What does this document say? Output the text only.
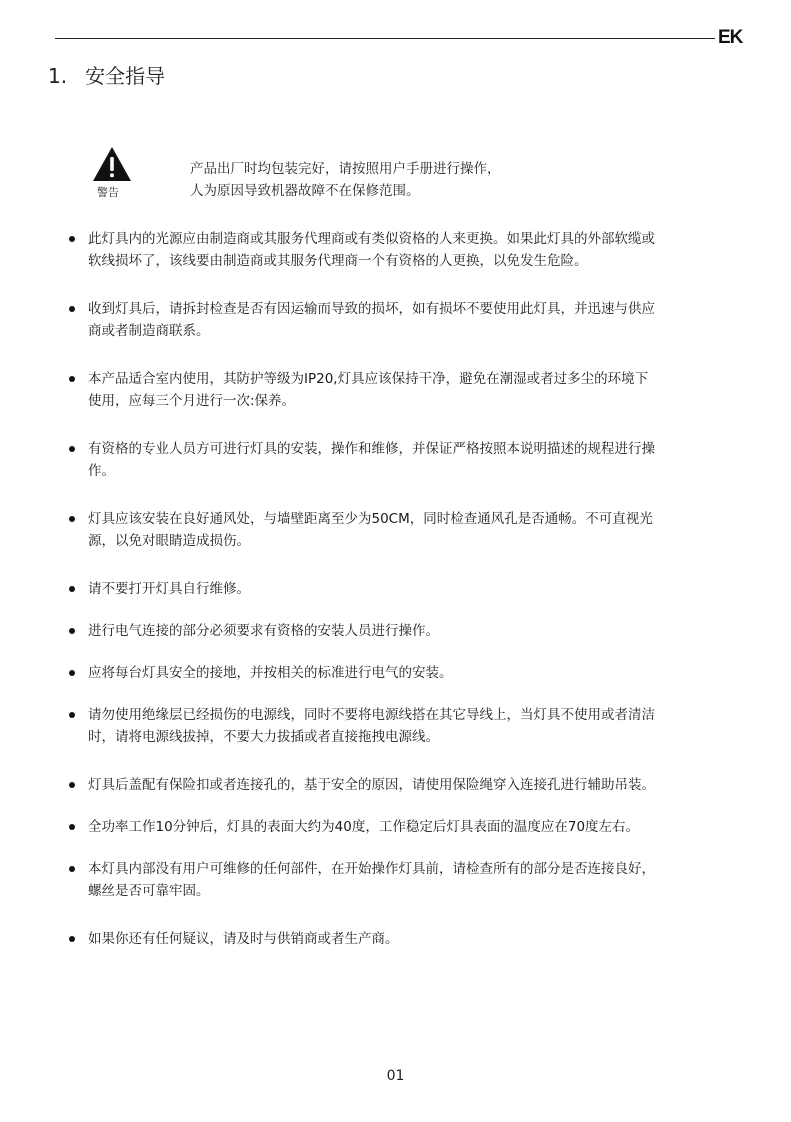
EK
1. 安全指导
警告
产品出厂时均包装完好，请按照用户手册进行操作，
人为原因导致机器故障不在保修范围。
此灯具内的光源应由制造商或其服务代理商或有类似资格的人来更换。如果此灯具的外部软缆或
软线损坏了，该线要由制造商或其服务代理商一个有资格的人更换，以免发生危险。
收到灯具后，请拆封检查是否有因运输而导致的损坏，如有损坏不要使用此灯具，并迅速与供应
商或者制造商联系。
本产品适合室内使用，其防护等级为IP20,灯具应该保持干净，避免在潮湿或者过多尘的环境下
使用，应每三个月进行一次:保养。
有资格的专业人员方可进行灯具的安装，操作和维修，并保证严格按照本说明描述的规程进行操
作。
灯具应该安装在良好通风处，与墙壁距离至少为50CM，同时检查通风孔是否通畅。不可直视光
源，以免对眼睛造成损伤。
请不要打开灯具自行维修。
进行电气连接的部分必须要求有资格的安装人员进行操作。
应将每台灯具安全的接地，并按相关的标准进行电气的安装。
请勿使用绝缘层已经损伤的电源线，同时不要将电源线搭在其它导线上，当灯具不使用或者清洁
时，请将电源线拔掉，不要大力拔插或者直接拖拽电源线。
灯具后盖配有保险扣或者连接孔的，基于安全的原因，请使用保险绳穿入连接孔进行辅助吊装。
全功率工作10分钟后，灯具的表面大约为40度，工作稳定后灯具表面的温度应在70度左右。
本灯具内部没有用户可维修的任何部件，在开始操作灯具前，请检查所有的部分是否连接良好，
螺丝是否可靠牢固。
如果你还有任何疑议，请及时与供销商或者生产商。
01
